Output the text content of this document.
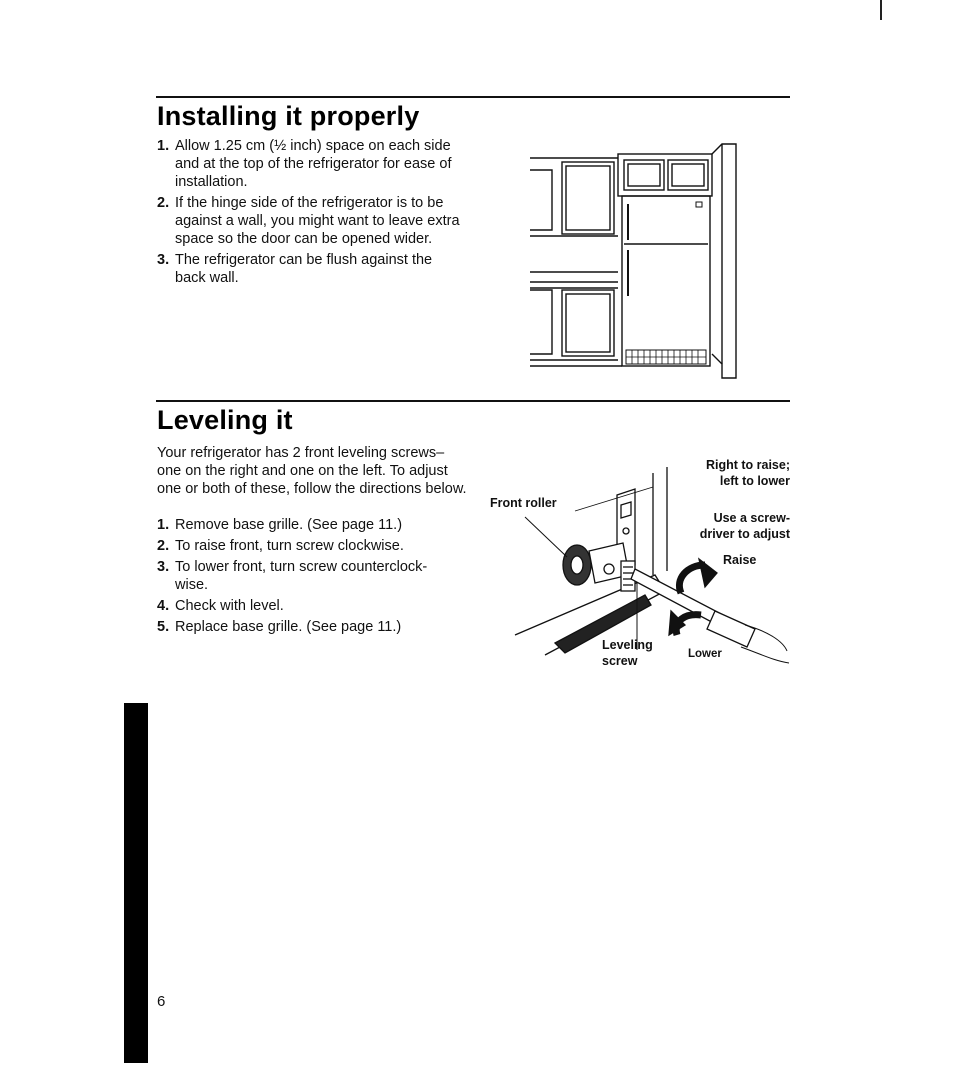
Installing it properly
1. Allow 1.25 cm (½ inch) space on each side and at the top of the refrigerator for ease of installation.
2. If the hinge side of the refrigerator is to be against a wall, you might want to leave extra space so the door can be opened wider.
3. The refrigerator can be flush against the back wall.
Leveling it

Your refrigerator has 2 front leveling screws–one on the right and one on the left. To adjust one or both of these, follow the directions below.

1. Remove base grille. (See page 11.)
2. To raise front, turn screw clockwise.
3. To lower front, turn screw counterclock-wise.
4. Check with level.
5. Replace base grille. (See page 11.)
Front roller
Right to raise; left to lower
Use a screw-driver to adjust
Raise
Leveling screw	Lower
6
